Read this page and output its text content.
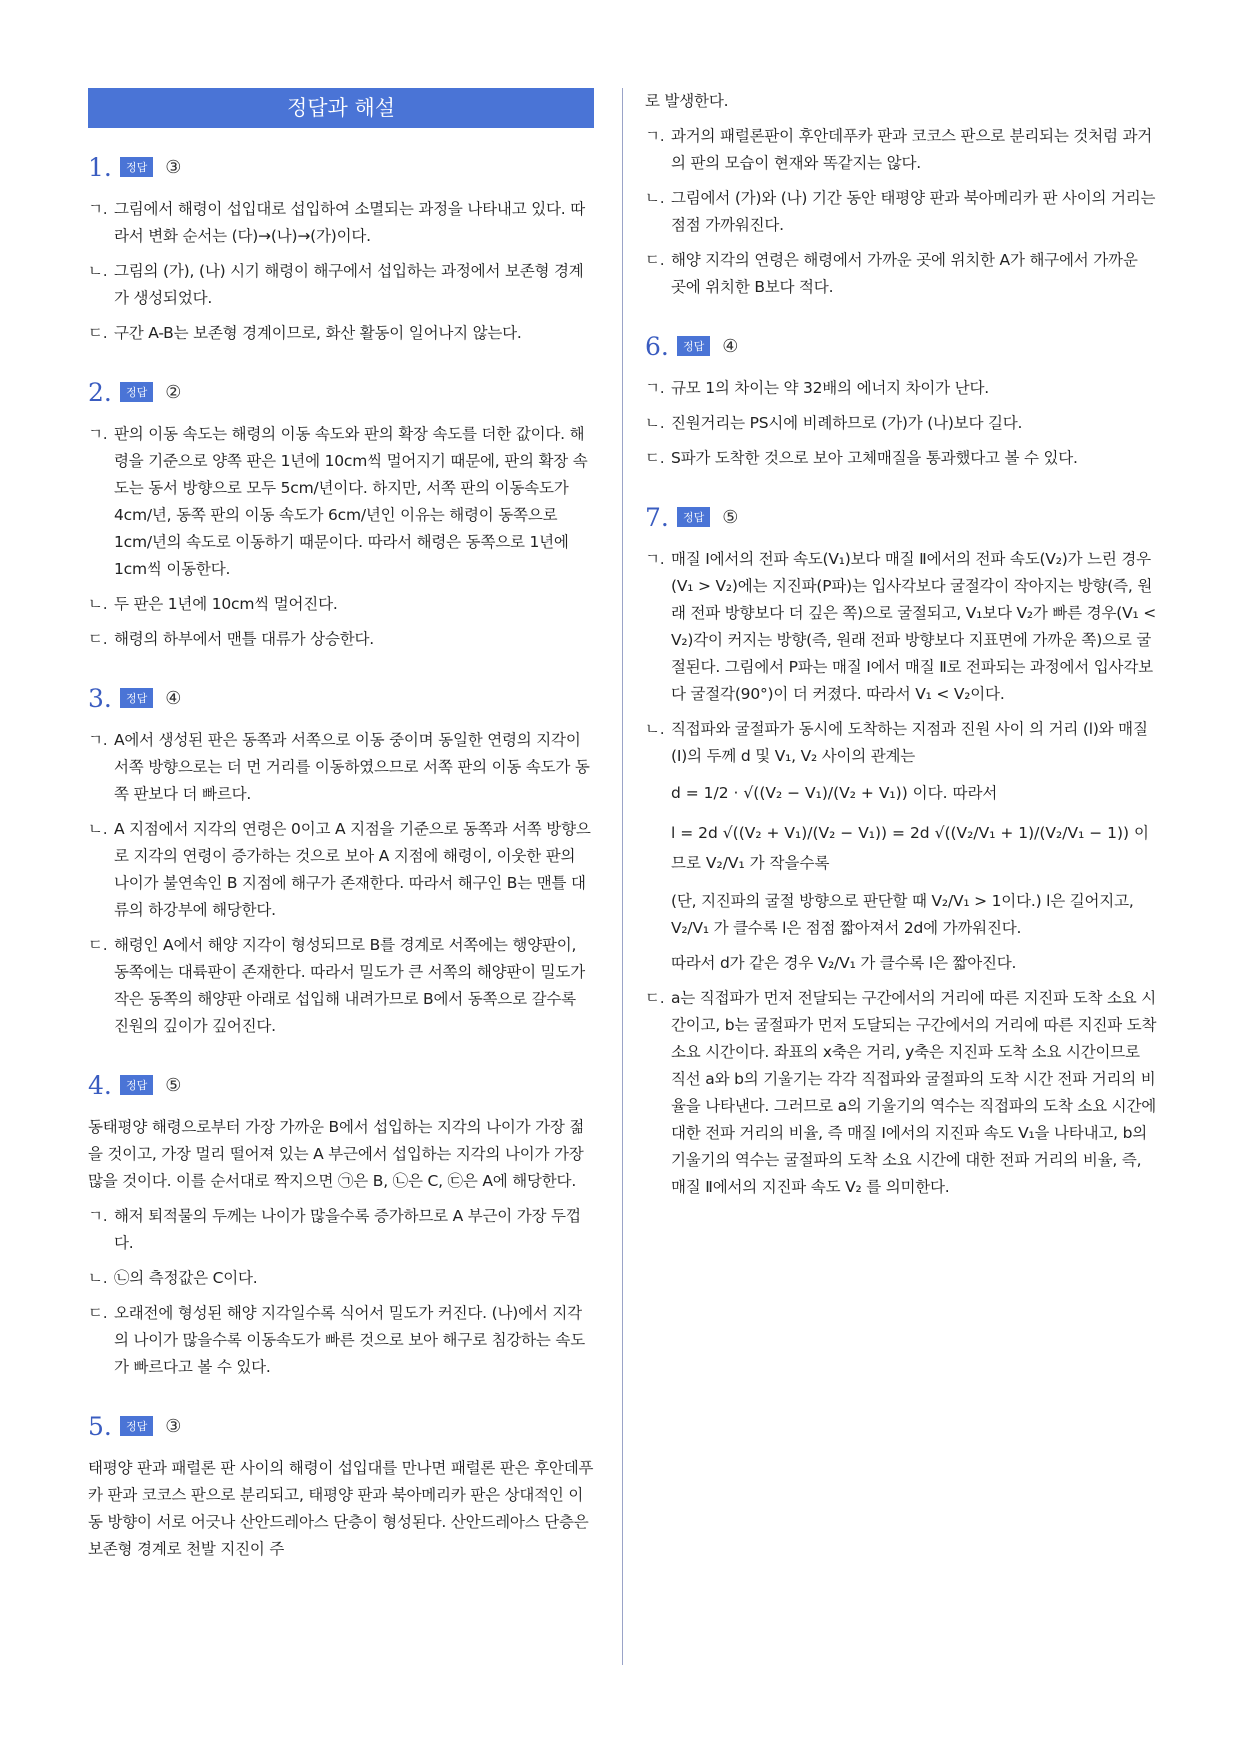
정답과 해설
1.	정답	③
ㄱ. 그림에서 해령이 섭입대로 섭입하여 소멸되는 과정을 나타내고 있다. 따라서 변화 순서는 (다)→(나)→(가)이다.
ㄴ. 그림의 (가), (나) 시기 해령이 해구에서 섭입하는 과정에서 보존형 경계가 생성되었다.
ㄷ. 구간 A-B는 보존형 경계이므로, 화산 활동이 일어나지 않는다.
2.	정답	②
ㄱ. 판의 이동 속도는 해령의 이동 속도와 판의 확장 속도를 더한 값이다. 해령을 기준으로 양쪽 판은 1년에 10cm씩 멀어지기 때문에, 판의 확장 속도는 동서 방향으로 모두 5cm/년이다. 하지만, 서쪽 판의 이동속도가 4cm/년, 동쪽 판의 이동 속도가 6cm/년인 이유는 해령이 동쪽으로 1cm/년의 속도로 이동하기 때문이다. 따라서 해령은 동쪽으로 1년에 1cm씩 이동한다.
ㄴ. 두 판은 1년에 10cm씩 멀어진다.
ㄷ. 해령의 하부에서 맨틀 대류가 상승한다.
3.	정답	④
ㄱ. A에서 생성된 판은 동쪽과 서쪽으로 이동 중이며 동일한 연령의 지각이 서쪽 방향으로는 더 먼 거리를 이동하였으므로 서쪽 판의 이동 속도가 동쪽 판보다 더 빠르다.
ㄴ. A 지점에서 지각의 연령은 0이고 A 지점을 기준으로 동쪽과 서쪽 방향으로 지각의 연령이 증가하는 것으로 보아 A 지점에 해령이, 이웃한 판의 나이가 불연속인 B 지점에 해구가 존재한다. 따라서 해구인 B는 맨틀 대류의 하강부에 해당한다.
ㄷ. 해령인 A에서 해양 지각이 형성되므로 B를 경계로 서쪽에는 행양판이, 동쪽에는 대륙판이 존재한다. 따라서 밀도가 큰 서쪽의 해양판이 밀도가 작은 동쪽의 해양판 아래로 섭입해 내려가므로 B에서 동쪽으로 갈수록 진원의 깊이가 깊어진다.
4.	정답	⑤
동태평양 해령으로부터 가장 가까운 B에서 섭입하는 지각의 나이가 가장 젊을 것이고, 가장 멀리 떨어져 있는 A 부근에서 섭입하는 지각의 나이가 가장 많을 것이다. 이를 순서대로 짝지으면 ㉠은 B, ㉡은 C, ㉢은 A에 해당한다.
ㄱ. 해저 퇴적물의 두께는 나이가 많을수록 증가하므로 A 부근이 가장 두껍다.
ㄴ. ㉡의 측정값은 C이다.
ㄷ. 오래전에 형성된 해양 지각일수록 식어서 밀도가 커진다. (나)에서 지각의 나이가 많을수록 이동속도가 빠른 것으로 보아 해구로 침강하는 속도가 빠르다고 볼 수 있다.
5.	정답	③
태평양 판과 패럴론 판 사이의 해령이 섭입대를 만나면 패럴론 판은 후안데푸카 판과 코코스 판으로 분리되고, 태평양 판과 북아메리카 판은 상대적인 이동 방향이 서로 어긋나 산안드레아스 단층이 형성된다. 산안드레아스 단층은 보존형 경계로 천발 지진이 주
로 발생한다.
ㄱ. 과거의 패럴론판이 후안데푸카 판과 코코스 판으로 분리되는 것처럼 과거의 판의 모습이 현재와 똑같지는 않다.
ㄴ. 그림에서 (가)와 (나) 기간 동안 태평양 판과 북아메리카 판 사이의 거리는 점점 가까워진다.
ㄷ. 해양 지각의 연령은 해령에서 가까운 곳에 위치한 A가 해구에서 가까운 곳에 위치한 B보다 적다.
6.	정답	④
ㄱ. 규모 1의 차이는 약 32배의 에너지 차이가 난다.
ㄴ. 진원거리는 PS시에 비례하므로 (가)가 (나)보다 길다.
ㄷ. S파가 도착한 것으로 보아 고체매질을 통과했다고 볼 수 있다.
7.	정답	⑤
ㄱ. 매질 Ⅰ에서의 전파 속도(V₁)보다 매질 Ⅱ에서의 전파 속도(V₂)가 느린 경우(V₁ > V₂)에는 지진파(P파)는 입사각보다 굴절각이 작아지는 방향(즉, 원래 전파 방향보다 더 깊은 쪽)으로 굴절되고, V₁보다 V₂가 빠른 경우(V₁ < V₂)각이 커지는 방향(즉, 원래 전파 방향보다 지표면에 가까운 쪽)으로 굴절된다. 그림에서 P파는 매질 Ⅰ에서 매질 Ⅱ로 전파되는 과정에서 입사각보다 굴절각(90°)이 더 커졌다. 따라서 V₁ < V₂이다.
ㄴ. 직접파와 굴절파가 동시에 도착하는 지점과 진원 사이 의 거리 (l)와 매질(Ⅰ)의 두께 d 및 V₁, V₂ 사이의 관계는
d = 1/2 · √((V₂ − V₁)/(V₂ + V₁)) 이다. 따라서
l = 2d √((V₂ + V₁)/(V₂ − V₁)) = 2d √((V₂/V₁ + 1)/(V₂/V₁ − 1)) 이므로 V₂/V₁ 가 작을수록
(단, 지진파의 굴절 방향으로 판단할 때 V₂/V₁ > 1이다.) l은 길어지고, V₂/V₁ 가 클수록 l은 점점 짧아져서 2d에 가까워진다.
따라서 d가 같은 경우 V₂/V₁ 가 클수록 l은 짧아진다.
ㄷ. a는 직접파가 먼저 전달되는 구간에서의 거리에 따른 지진파 도착 소요 시간이고, b는 굴절파가 먼저 도달되는 구간에서의 거리에 따른 지진파 도착 소요 시간이다. 좌표의 x축은 거리, y축은 지진파 도착 소요 시간이므로 직선 a와 b의 기울기는 각각 직접파와 굴절파의 도착 시간 전파 거리의 비율을 나타낸다. 그러므로 a의 기울기의 역수는 직접파의 도착 소요 시간에 대한 전파 거리의 비율, 즉 매질 Ⅰ에서의 지진파 속도 V₁을 나타내고, b의 기울기의 역수는 굴절파의 도착 소요 시간에 대한 전파 거리의 비율, 즉, 매질 Ⅱ에서의 지진파 속도 V₂ 를 의미한다.
